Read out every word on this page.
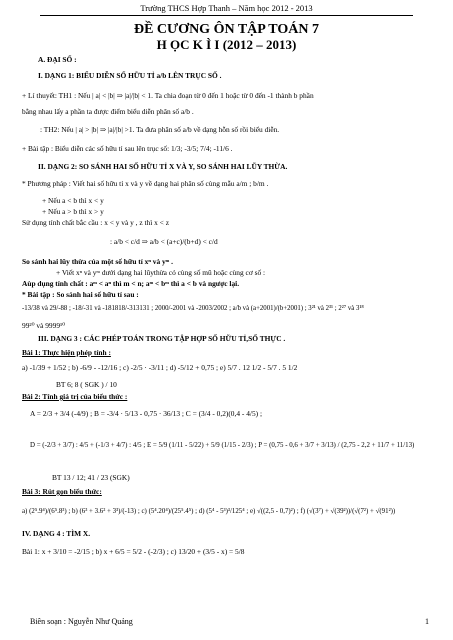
Trường THCS Hợp Thanh – Năm học 2012 - 2013
ĐỀ CƯƠNG ÔN TẬP TOÁN 7
H ỌC K Ì I (2012 – 2013)
A. ĐẠI SỐ :
I. DẠNG 1: BIỂU DIỄN SỐ HỮU TỈ a/b LÊN TRỤC SỐ .
+ Lí thuyết: TH1 : Nếu | a| < |b| ⇒ |a|/|b| < 1. Ta chia đoạn từ 0 đến 1 hoặc từ 0 đến -1 thành b phần
bằng nhau lấy a phần ta được điểm biểu diễn phân số a/b .
: TH2: Nếu | a| > |b| ⇒ |a|/|b| >1. Ta đưa phân số a/b về dạng hỗn số rồi biểu diễn.
+ Bài tập : Biểu diễn các số hữu tỉ sau lên trục số: 1/3; -3/5; 7/4; -11/6 .
II. DẠNG 2: SO SÁNH HAI SỐ HỮU TỈ X VÀ Y, SO SÁNH HAI LŨY THỪA.
* Phương pháp : Viết hai số hữu tỉ x và y về dạng hai phân số cùng mẫu a/m ; b/m .
+ Nếu a < b thì x < y
+ Nếu a > b thì x > y
Sử dụng tính chất bắc cầu : x < y và y , z thì x < z
: a/b < c/d ⇒ a/b < (a+c)/(b+d) < c/d
So sánh hai lũy thừa của một số hữu tỉ xⁿ và yᵐ .
+ Viết xⁿ và yᵐ dưới dạng hai lũythừa có cùng số mũ hoặc cùng cơ số :
Aùp dụng tính chất : aᵐ < aⁿ thì m < n; aᵐ < bᵐ thì a < b và ngược lại.
* Bài tập : So sánh hai số hữu tỉ sau :
-13/38 và 29/-88 ; -18/-31 và -181818/-313131 ; 2000/-2001 và -2003/2002 ; a/b và (a+2001)/(b+2001) ; 3²¹ và 2³¹ ; 2²⁷ và 3¹⁸
99²⁰ và 9999¹⁰
III. DẠNG 3 : CÁC PHÉP TOÁN TRONG TẬP HỢP SỐ HỮU TỈ,SỐ THỰC .
Bài 1: Thực hiện phép tính :
a) -1/39 + 1/52 ; b) -6/9 - -12/16 ; c) -2/5 · -3/11 ; d) -5/12 + 0,75 ; e) 5/7 . 12 1/2 - 5/7 . 5 1/2
BT 6; 8 ( SGK ) / 10
Bài 2: Tính giá trị của biểu thức :
A = 2/3 + 3/4 (-4/9) ; B = -3/4 · 5/13 - 0,75 · 36/13 ; C = (3/4 - 0,2)(0,4 - 4/5) ;
D = (-2/3 + 3/7) : 4/5 + (-1/3 + 4/7) : 4/5 ; E = 5/9 (1/11 - 5/22) + 5/9 (1/15 - 2/3) ; P = (0,75 - 0,6 + 3/7 + 3/13) / (2,75 - 2,2 + 11/7 + 11/13)
BT 13 / 12; 41 / 23 (SGK)
Bài 3: Rút gọn biểu thức:
a) (2⁵.9⁴)/(6⁵.8³) ; b) (6³ + 3.6² + 3³)/(-13) ; c) (5⁴.20⁴)/(25⁵.4⁵) ; d) (5⁴ - 5³)³/125⁴ ; e) √((2,5 - 0,7)²) ; f) (√(3⁷) + √(39²))/(√(7²) + √(91²))
IV. DẠNG 4 : TÌM X.
Bài 1: x + 3/10 = -2/15 ; b) x + 6/5 = 5/2 - (-2/3) ; c) 13/20 + (3/5 - x) = 5/8
Biên soạn : Nguyễn Như Quảng	1
